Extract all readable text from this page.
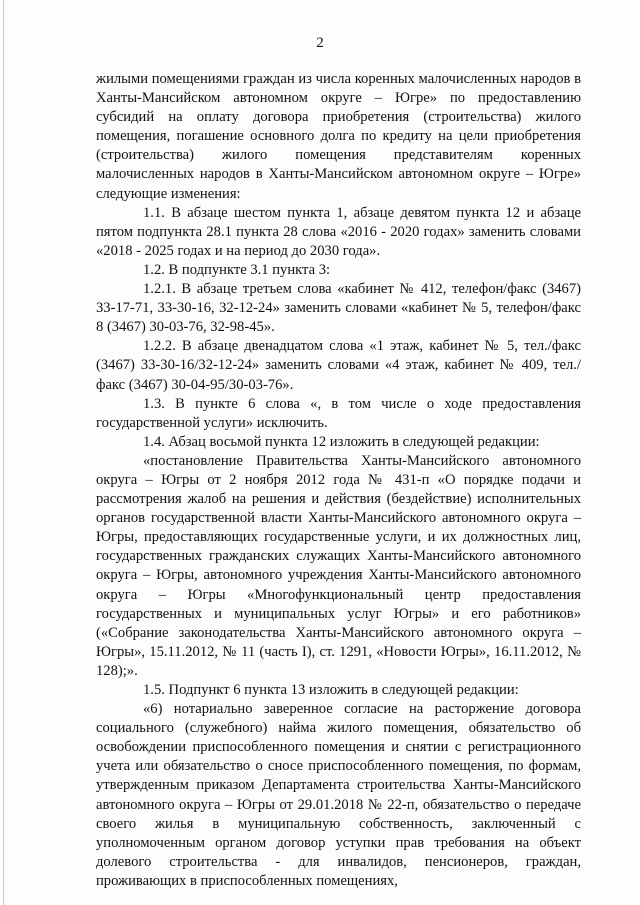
2

жилыми помещениями граждан из числа коренных малочисленных народов в Ханты-Мансийском автономном округе – Югре» по предоставлению субсидий на оплату договора приобретения (строительства) жилого помещения, погашение основного долга по кредиту на цели приобретения (строительства) жилого помещения представителям коренных малочисленных народов в Ханты-Мансийском автономном округе – Югре» следующие изменения:

1.1. В абзаце шестом пункта 1, абзаце девятом пункта 12 и абзаце пятом подпункта 28.1 пункта 28 слова «2016 - 2020 годах» заменить словами «2018 - 2025 годах и на период до 2030 года».

1.2. В подпункте 3.1 пункта 3:

1.2.1. В абзаце третьем слова «кабинет № 412, телефон/факс (3467) 33-17-71, 33-30-16, 32-12-24» заменить словами «кабинет № 5, телефон/факс 8 (3467) 30-03-76, 32-98-45».

1.2.2. В абзаце двенадцатом слова «1 этаж, кабинет № 5, тел./факс (3467) 33-30-16/32-12-24» заменить словами «4 этаж, кабинет № 409, тел./факс (3467) 30-04-95/30-03-76».

1.3. В пункте 6 слова «, в том числе о ходе предоставления государственной услуги» исключить.

1.4. Абзац восьмой пункта 12 изложить в следующей редакции:

«постановление Правительства Ханты-Мансийского автономного округа – Югры от 2 ноября 2012 года № 431-п «О порядке подачи и рассмотрения жалоб на решения и действия (бездействие) исполнительных органов государственной власти Ханты-Мансийского автономного округа – Югры, предоставляющих государственные услуги, и их должностных лиц, государственных гражданских служащих Ханты-Мансийского автономного округа – Югры, автономного учреждения Ханты-Мансийского автономного округа – Югры «Многофункциональный центр предоставления государственных и муниципальных услуг Югры» и его работников» («Собрание законодательства Ханты-Мансийского автономного округа – Югры», 15.11.2012, № 11 (часть I), ст. 1291, «Новости Югры», 16.11.2012, № 128);».

1.5. Подпункт 6 пункта 13 изложить в следующей редакции:

«6) нотариально заверенное согласие на расторжение договора социального (служебного) найма жилого помещения, обязательство об освобождении приспособленного помещения и снятии с регистрационного учета или обязательство о сносе приспособленного помещения, по формам, утвержденным приказом Департамента строительства Ханты-Мансийского автономного округа – Югры от 29.01.2018 № 22-п, обязательство о передаче своего жилья в муниципальную собственность, заключенный с уполномоченным органом договор уступки прав требования на объект долевого строительства - для инвалидов, пенсионеров, граждан, проживающих в приспособленных помещениях,
